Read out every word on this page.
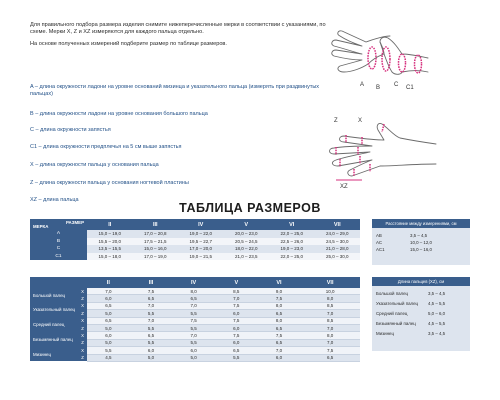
Для правильного подбора размера изделия снимите нижеперечисленные мерки в соответствии с указаниями, по схеме. Мерки X, Z и XZ измеряются для каждого пальца отдельно.

На основе полученных измерений подберите размер по таблице размеров.

A – длина окружности ладони на уровне оснований мизинца и указательного пальца (измерять при раздвинутых пальцах)
B – длина окружности ладони на уровне основания большого пальца
C – длина окружности запястья
C1 – длина окружности предплечья на 5 см выше запястья
X – длина окружности пальца у основания пальца
Z – длина окружности пальца у основания ногтевой пластины
XZ – длина пальца
A B C C1
Z	X
XZ
ТАБЛИЦА РАЗМЕРОВ
РАЗМЕР
МЕРКА	II	III	IV	V	VI	VII
A	15,0 – 19,0	17,0 – 20,8	19,0 – 22,0	20,0 – 23,0	22,0 – 25,0	24,0 – 29,0
B	15,5 – 20,0	17,5 – 21,5	19,5 – 22,7	20,5 – 24,5	22,5 – 26,0	24,5 – 30,0
C	13,5 – 15,5	15,0 – 16,0	17,0 – 20,0	18,0 – 22,0	19,0 – 23,0	21,0 – 28,0
C1	15,0 – 18,0	17,0 – 19,0	19,0 – 21,5	21,0 – 23,5	22,0 – 25,0	25,0 – 30,0
Расстояние между измерениями, см
AB	3,5 – 4,5
AC	10,0 – 12,0
AC1	15,0 – 16,0
		II	III	IV	V	VI	VII
Большой палец	X	7,0	7,5	8,0	8,5	9,0	10,0
	Z	6,0	6,5	6,5	7,0	7,5	8,0
Указательный палец	X	6,5	7,0	7,0	7,5	8,0	8,5
	Z	5,0	5,5	5,5	6,0	6,5	7,0
Средний палец	X	6,5	7,0	7,5	7,5	8,0	8,5
	Z	5,0	5,5	5,5	6,0	6,5	7,0
Безымянный палец	X	6,0	6,5	7,0	7,5	7,5	8,0
	Z	5,0	5,5	5,5	6,0	6,5	7,0
Мизинец	X	5,5	6,0	6,0	6,5	7,0	7,5
	Z	4,5	5,0	5,0	5,5	6,0	6,5
Длина пальцев (XZ), см
Большой палец	3,5 – 4,5
Указательный палец	4,5 – 5,5
Средний палец	5,0 – 6,0
Безымянный палец	4,5 – 5,5
Мизинец	3,5 – 4,5
